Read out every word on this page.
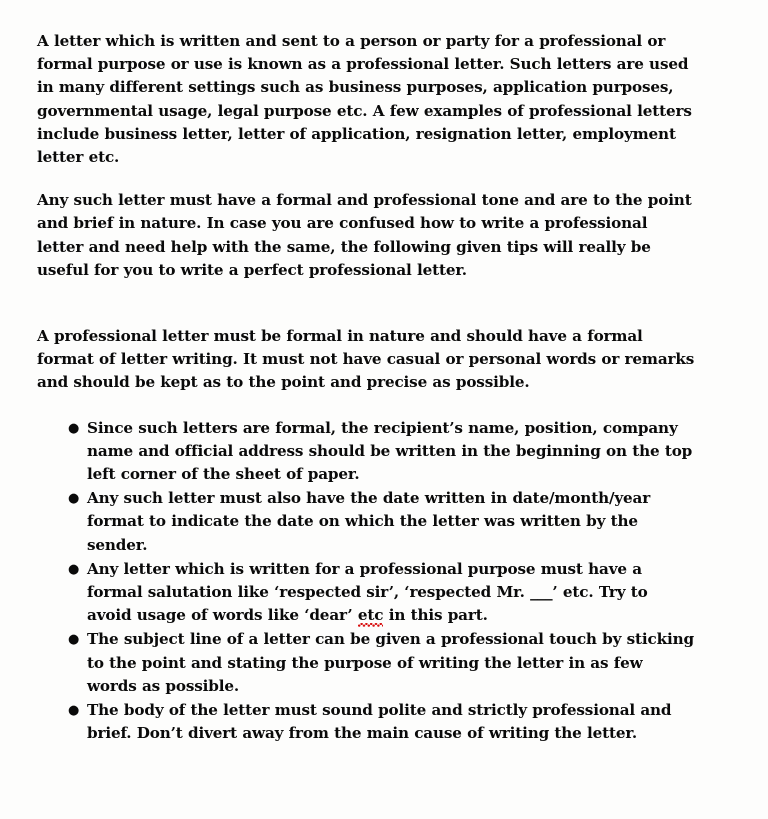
A letter which is written and sent to a person or party for a professional or formal purpose or use is known as a professional letter. Such letters are used in many different settings such as business purposes, application purposes, governmental usage, legal purpose etc. A few examples of professional letters include business letter, letter of application, resignation letter, employment letter etc.

Any such letter must have a formal and professional tone and are to the point and brief in nature. In case you are confused how to write a professional letter and need help with the same, the following given tips will really be useful for you to write a perfect professional letter.

A professional letter must be formal in nature and should have a formal format of letter writing. It must not have casual or personal words or remarks and should be kept as to the point and precise as possible.

● Since such letters are formal, the recipient’s name, position, company name and official address should be written in the beginning on the top left corner of the sheet of paper.
● Any such letter must also have the date written in date/month/year format to indicate the date on which the letter was written by the sender.
● Any letter which is written for a professional purpose must have a formal salutation like ‘respected sir’, ‘respected Mr. ___’ etc. Try to avoid usage of words like ‘dear’ etc in this part.
● The subject line of a letter can be given a professional touch by sticking to the point and stating the purpose of writing the letter in as few words as possible.
● The body of the letter must sound polite and strictly professional and brief. Don’t divert away from the main cause of writing the letter.
